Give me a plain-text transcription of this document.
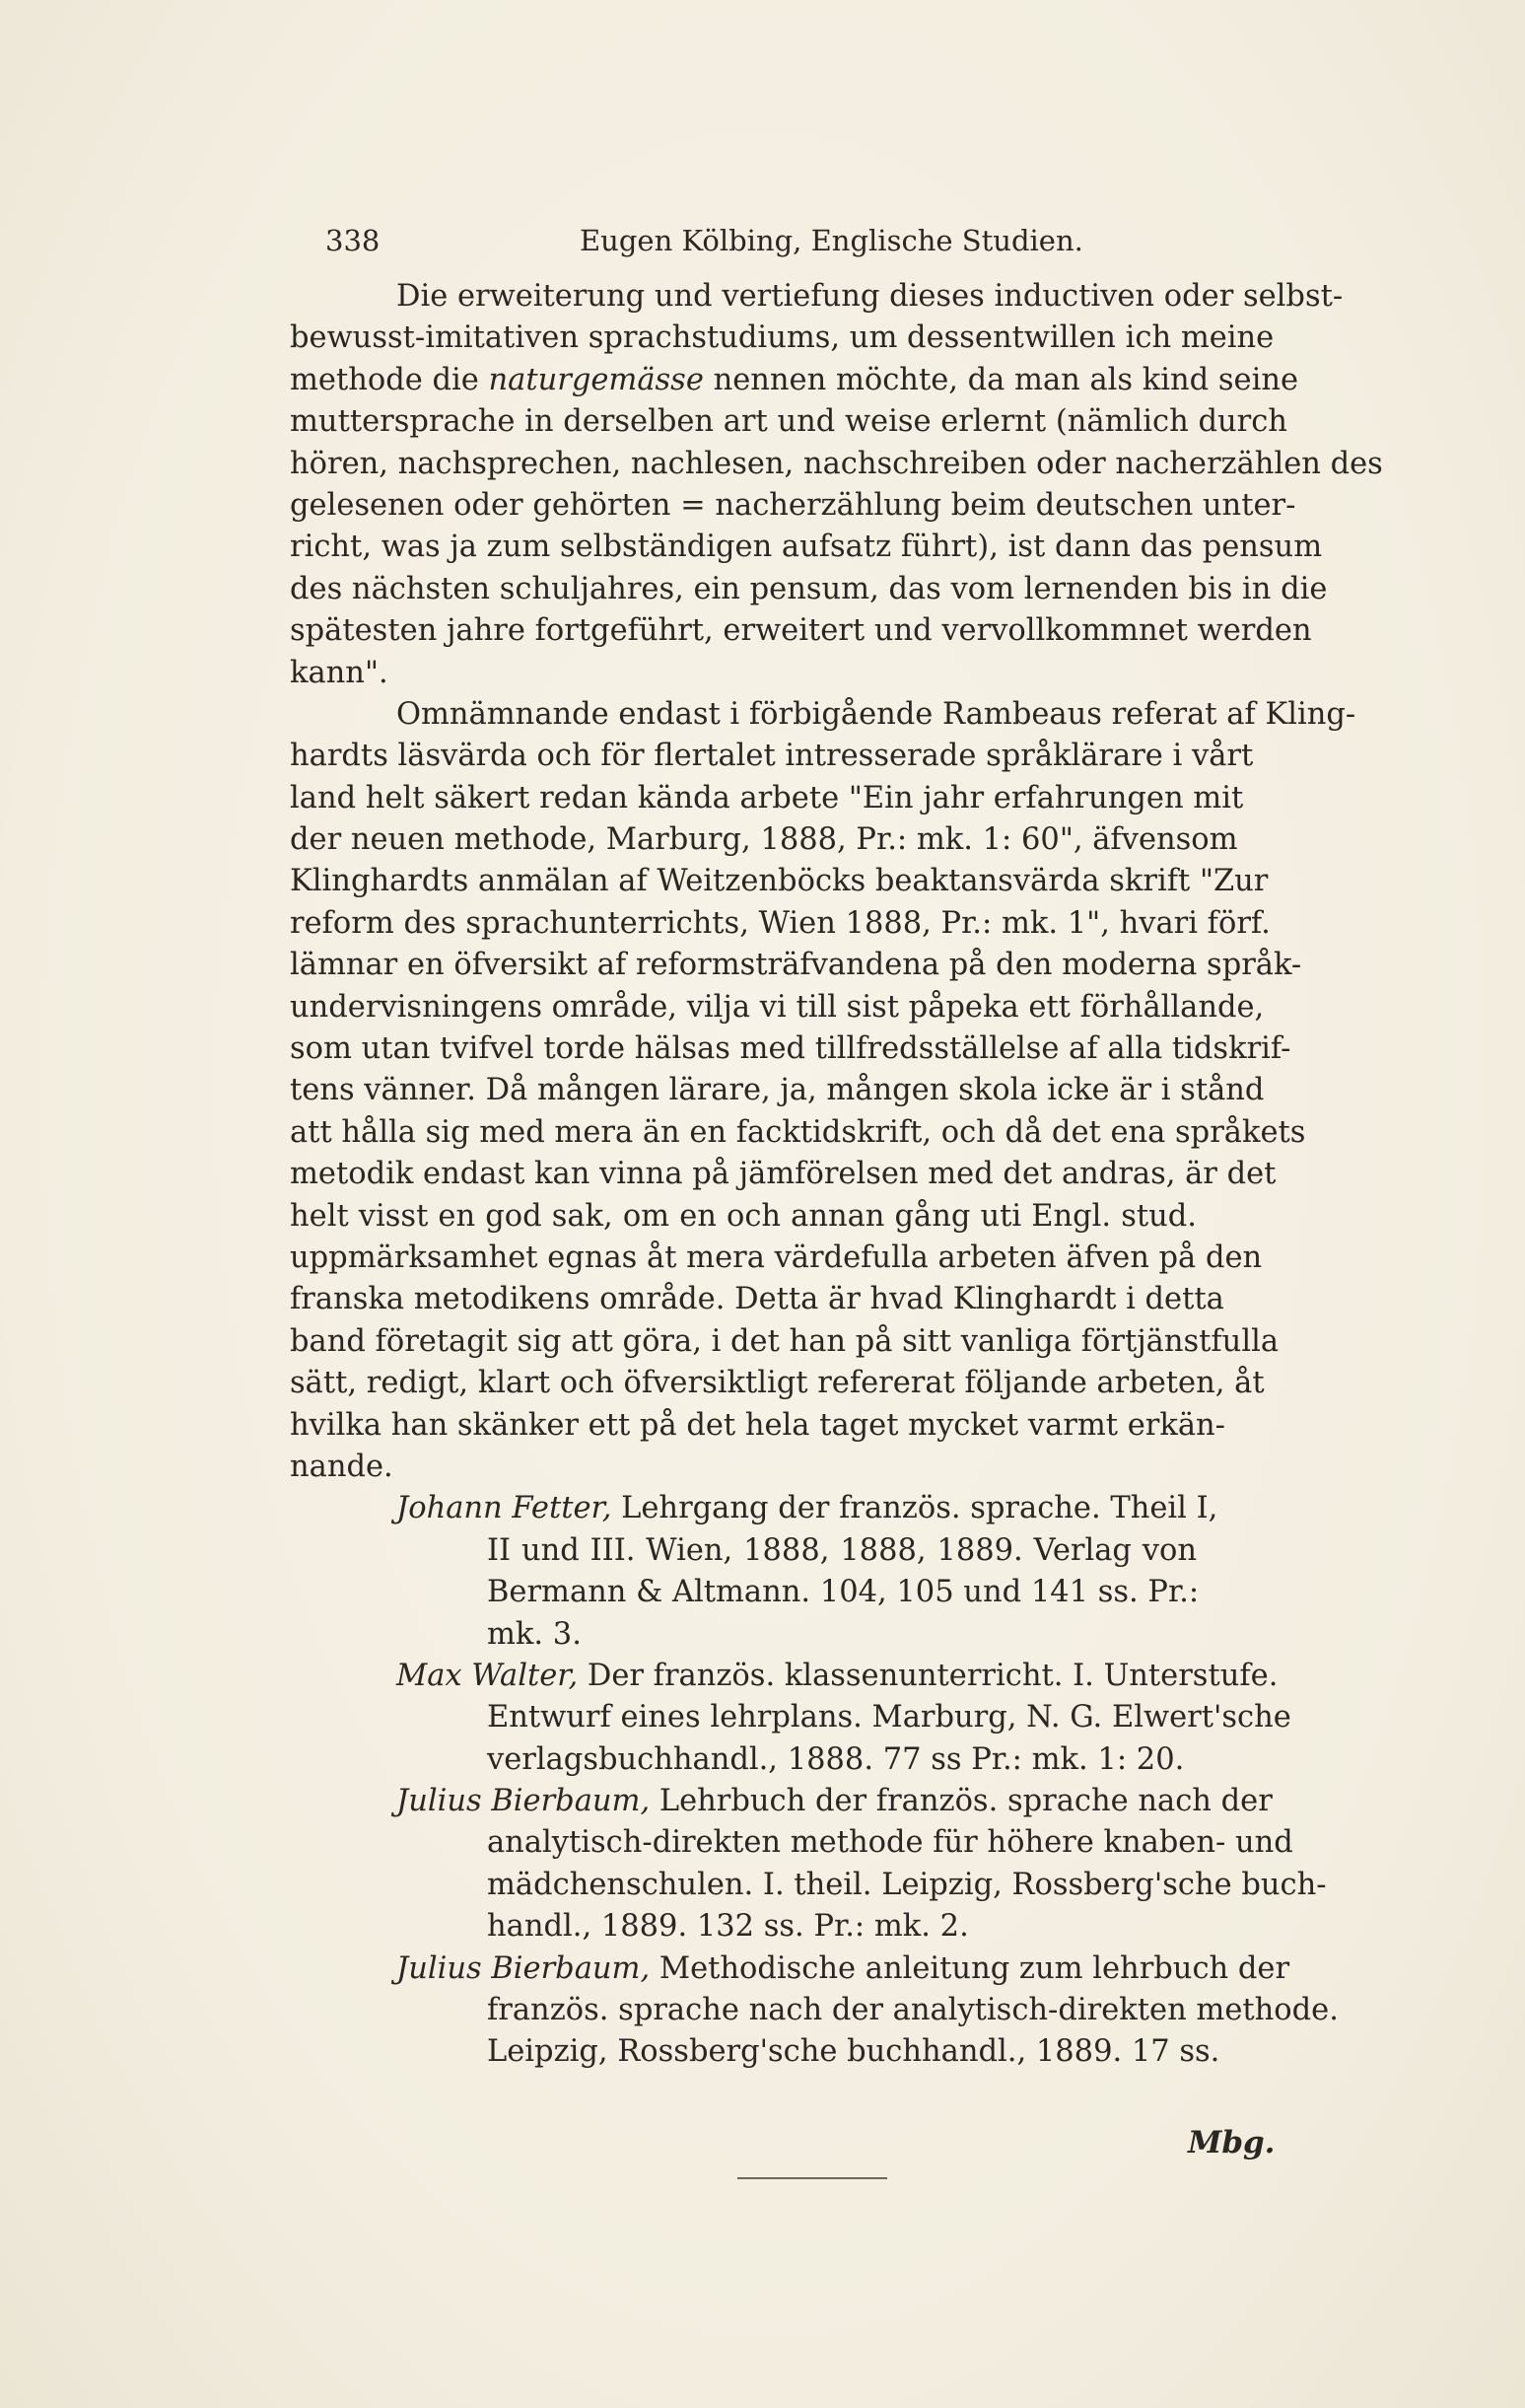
338	Eugen Kölbing, Englische Studien.
Die erweiterung und vertiefung dieses inductiven oder selbst-
bewusst-imitativen sprachstudiums, um dessentwillen ich meine
methode die naturgemässe nennen möchte, da man als kind seine
muttersprache in derselben art und weise erlernt (nämlich durch
hören, nachsprechen, nachlesen, nachschreiben oder nacherzählen des
gelesenen oder gehörten = nacherzählung beim deutschen unter-
richt, was ja zum selbständigen aufsatz führt), ist dann das pensum
des nächsten schuljahres, ein pensum, das vom lernenden bis in die
spätesten jahre fortgeführt, erweitert und vervollkommnet werden
kann".
Omnämnande endast i förbigående Rambeaus referat af Kling-
hardts läsvärda och för flertalet intresserade språklärare i vårt
land helt säkert redan kända arbete "Ein jahr erfahrungen mit
der neuen methode, Marburg, 1888, Pr.: mk. 1: 60", äfvensom
Klinghardts anmälan af Weitzenböcks beaktansvärda skrift "Zur
reform des sprachunterrichts, Wien 1888, Pr.: mk. 1", hvari förf.
lämnar en öfversikt af reformsträfvandena på den moderna språk-
undervisningens område, vilja vi till sist påpeka ett förhållande,
som utan tvifvel torde hälsas med tillfredsställelse af alla tidskrif-
tens vänner. Då mången lärare, ja, mången skola icke är i stånd
att hålla sig med mera än en facktidskrift, och då det ena språkets
metodik endast kan vinna på jämförelsen med det andras, är det
helt visst en god sak, om en och annan gång uti Engl. stud.
uppmärksamhet egnas åt mera värdefulla arbeten äfven på den
franska metodikens område. Detta är hvad Klinghardt i detta
band företagit sig att göra, i det han på sitt vanliga förtjänstfulla
sätt, redigt, klart och öfversiktligt refererat följande arbeten, åt
hvilka han skänker ett på det hela taget mycket varmt erkän-
nande.
Johann Fetter, Lehrgang der französ. sprache. Theil I,
II und III. Wien, 1888, 1888, 1889. Verlag von
Bermann & Altmann. 104, 105 und 141 ss. Pr.:
mk. 3.
Max Walter, Der französ. klassenunterricht. I. Unterstufe.
Entwurf eines lehrplans. Marburg, N. G. Elwert'sche
verlagsbuchhandl., 1888. 77 ss Pr.: mk. 1: 20.
Julius Bierbaum, Lehrbuch der französ. sprache nach der
analytisch-direkten methode für höhere knaben- und
mädchenschulen. I. theil. Leipzig, Rossberg'sche buch-
handl., 1889. 132 ss. Pr.: mk. 2.
Julius Bierbaum, Methodische anleitung zum lehrbuch der
französ. sprache nach der analytisch-direkten methode.
Leipzig, Rossberg'sche buchhandl., 1889. 17 ss.
Mbg.
